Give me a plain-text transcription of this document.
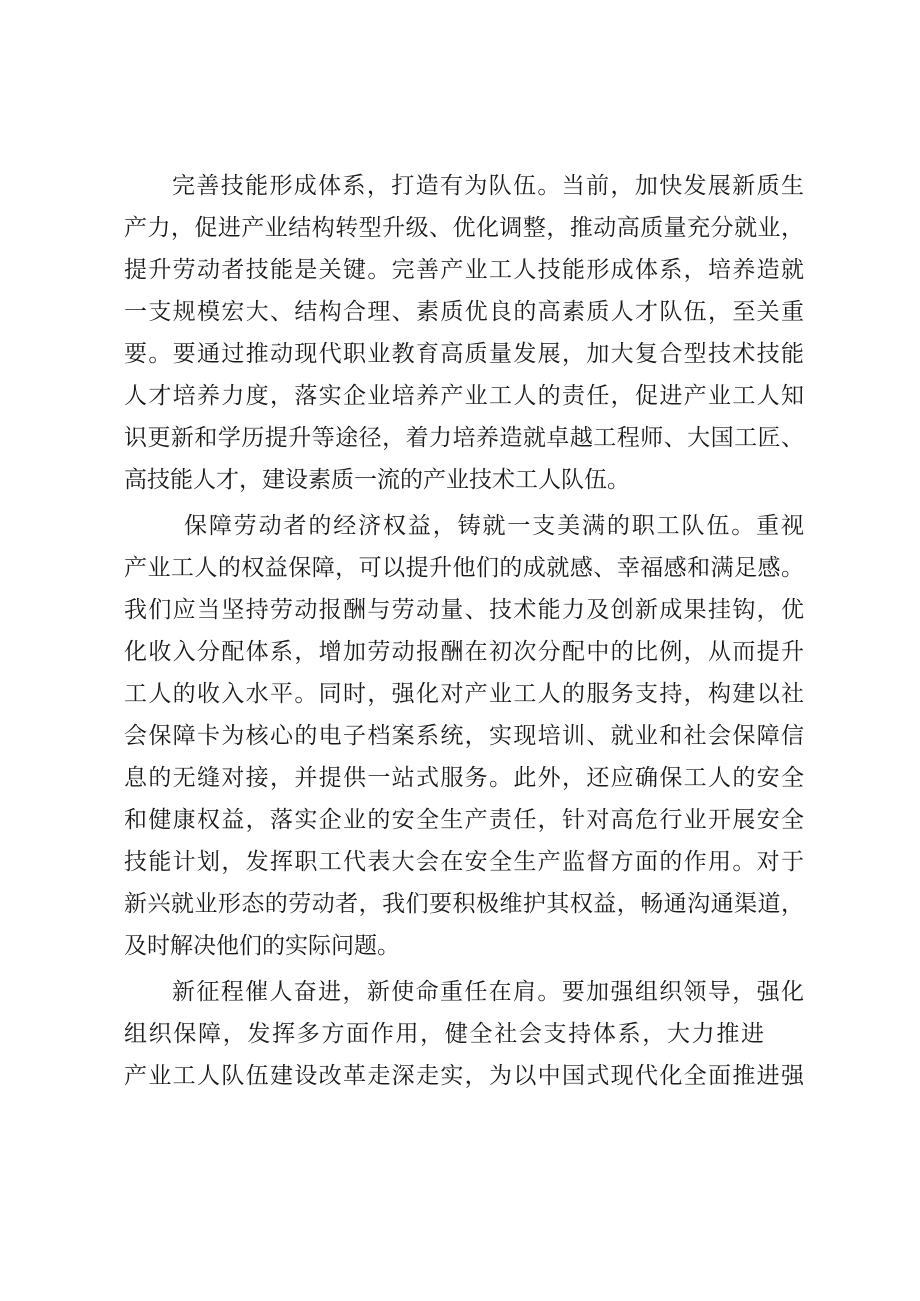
完善技能形成体系，打造有为队伍。当前，加快发展新质生
产力，促进产业结构转型升级、优化调整，推动高质量充分就业，
提升劳动者技能是关键。完善产业工人技能形成体系，培养造就
一支规模宏大、结构合理、素质优良的高素质人才队伍，至关重
要。要通过推动现代职业教育高质量发展，加大复合型技术技能
人才培养力度，落实企业培养产业工人的责任，促进产业工人知
识更新和学历提升等途径，着力培养造就卓越工程师、大国工匠、
高技能人才，建设素质一流的产业技术工人队伍。
保障劳动者的经济权益，铸就一支美满的职工队伍。重视
产业工人的权益保障，可以提升他们的成就感、幸福感和满足感。
我们应当坚持劳动报酬与劳动量、技术能力及创新成果挂钩，优
化收入分配体系，增加劳动报酬在初次分配中的比例，从而提升
工人的收入水平。同时，强化对产业工人的服务支持，构建以社
会保障卡为核心的电子档案系统，实现培训、就业和社会保障信
息的无缝对接，并提供一站式服务。此外，还应确保工人的安全
和健康权益，落实企业的安全生产责任，针对高危行业开展安全
技能计划，发挥职工代表大会在安全生产监督方面的作用。对于
新兴就业形态的劳动者，我们要积极维护其权益，畅通沟通渠道，
及时解决他们的实际问题。
新征程催人奋进，新使命重任在肩。要加强组织领导，强化
组织保障，发挥多方面作用，健全社会支持体系，大力推进
产业工人队伍建设改革走深走实，为以中国式现代化全面推进强
